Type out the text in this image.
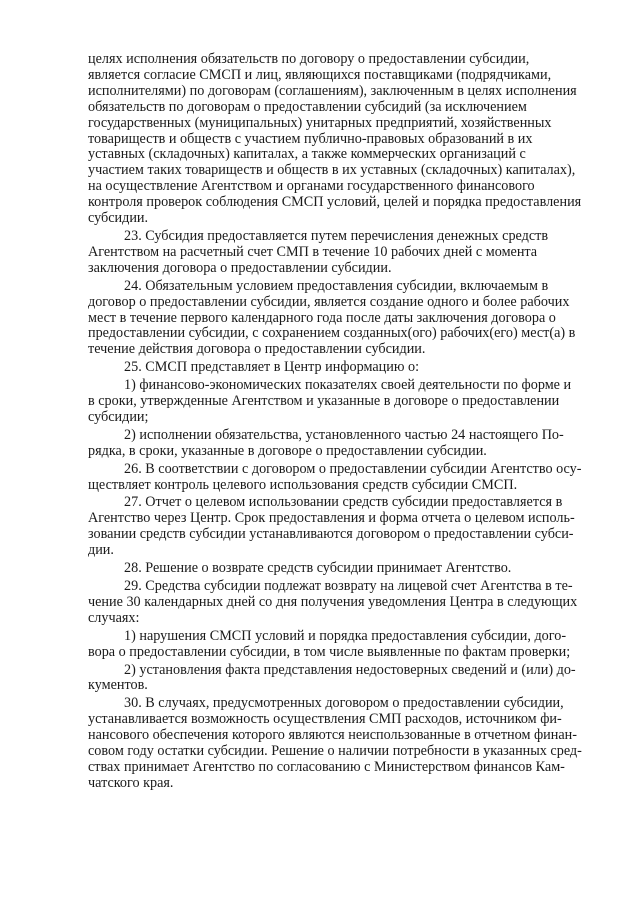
целях исполнения обязательств по договору о предоставлении субсидии,
является согласие СМСП и лиц, являющихся поставщиками (подрядчиками,
исполнителями) по договорам (соглашениям), заключенным в целях исполнения
обязательств по договорам о предоставлении субсидий (за исключением
государственных (муниципальных) унитарных предприятий, хозяйственных
товариществ и обществ с участием публично-правовых образований в их
уставных (складочных) капиталах, а также коммерческих организаций с
участием таких товариществ и обществ в их уставных (складочных) капиталах),
на осуществление Агентством и органами государственного финансового
контроля проверок соблюдения СМСП условий, целей и порядка предоставления
субсидии.

23. Субсидия предоставляется путем перечисления денежных средств
Агентством на расчетный счет СМП в течение 10 рабочих дней с момента
заключения договора о предоставлении субсидии.

24. Обязательным условием предоставления субсидии, включаемым в
договор о предоставлении субсидии, является создание одного и более рабочих
мест в течение первого календарного года после даты заключения договора о
предоставлении субсидии, с сохранением созданных(ого) рабочих(его) мест(а) в
течение действия договора о предоставлении субсидии.

25. СМСП представляет в Центр информацию о:

1) финансово-экономических показателях своей деятельности по форме и
в сроки, утвержденные Агентством и указанные в договоре о предоставлении
субсидии;

2) исполнении обязательства, установленного частью 24 настоящего По-
рядка, в сроки, указанные в договоре о предоставлении субсидии.

26. В соответствии с договором о предоставлении субсидии Агентство осу-
ществляет контроль целевого использования средств субсидии СМСП.

27. Отчет о целевом использовании средств субсидии предоставляется в
Агентство через Центр. Срок предоставления и форма отчета о целевом исполь-
зовании средств субсидии устанавливаются договором о предоставлении субси-
дии.

28. Решение о возврате средств субсидии принимает Агентство.

29. Средства субсидии подлежат возврату на лицевой счет Агентства в те-
чение 30 календарных дней со дня получения уведомления Центра в следующих
случаях:

1) нарушения СМСП условий и порядка предоставления субсидии, дого-
вора о предоставлении субсидии, в том числе выявленные по фактам проверки;

2) установления факта представления недостоверных сведений и (или) до-
кументов.

30. В случаях, предусмотренных договором о предоставлении субсидии,
устанавливается возможность осуществления СМП расходов, источником фи-
нансового обеспечения которого являются неиспользованные в отчетном финан-
совом году остатки субсидии. Решение о наличии потребности в указанных сред-
ствах принимает Агентство по согласованию с Министерством финансов Кам-
чатского края.
